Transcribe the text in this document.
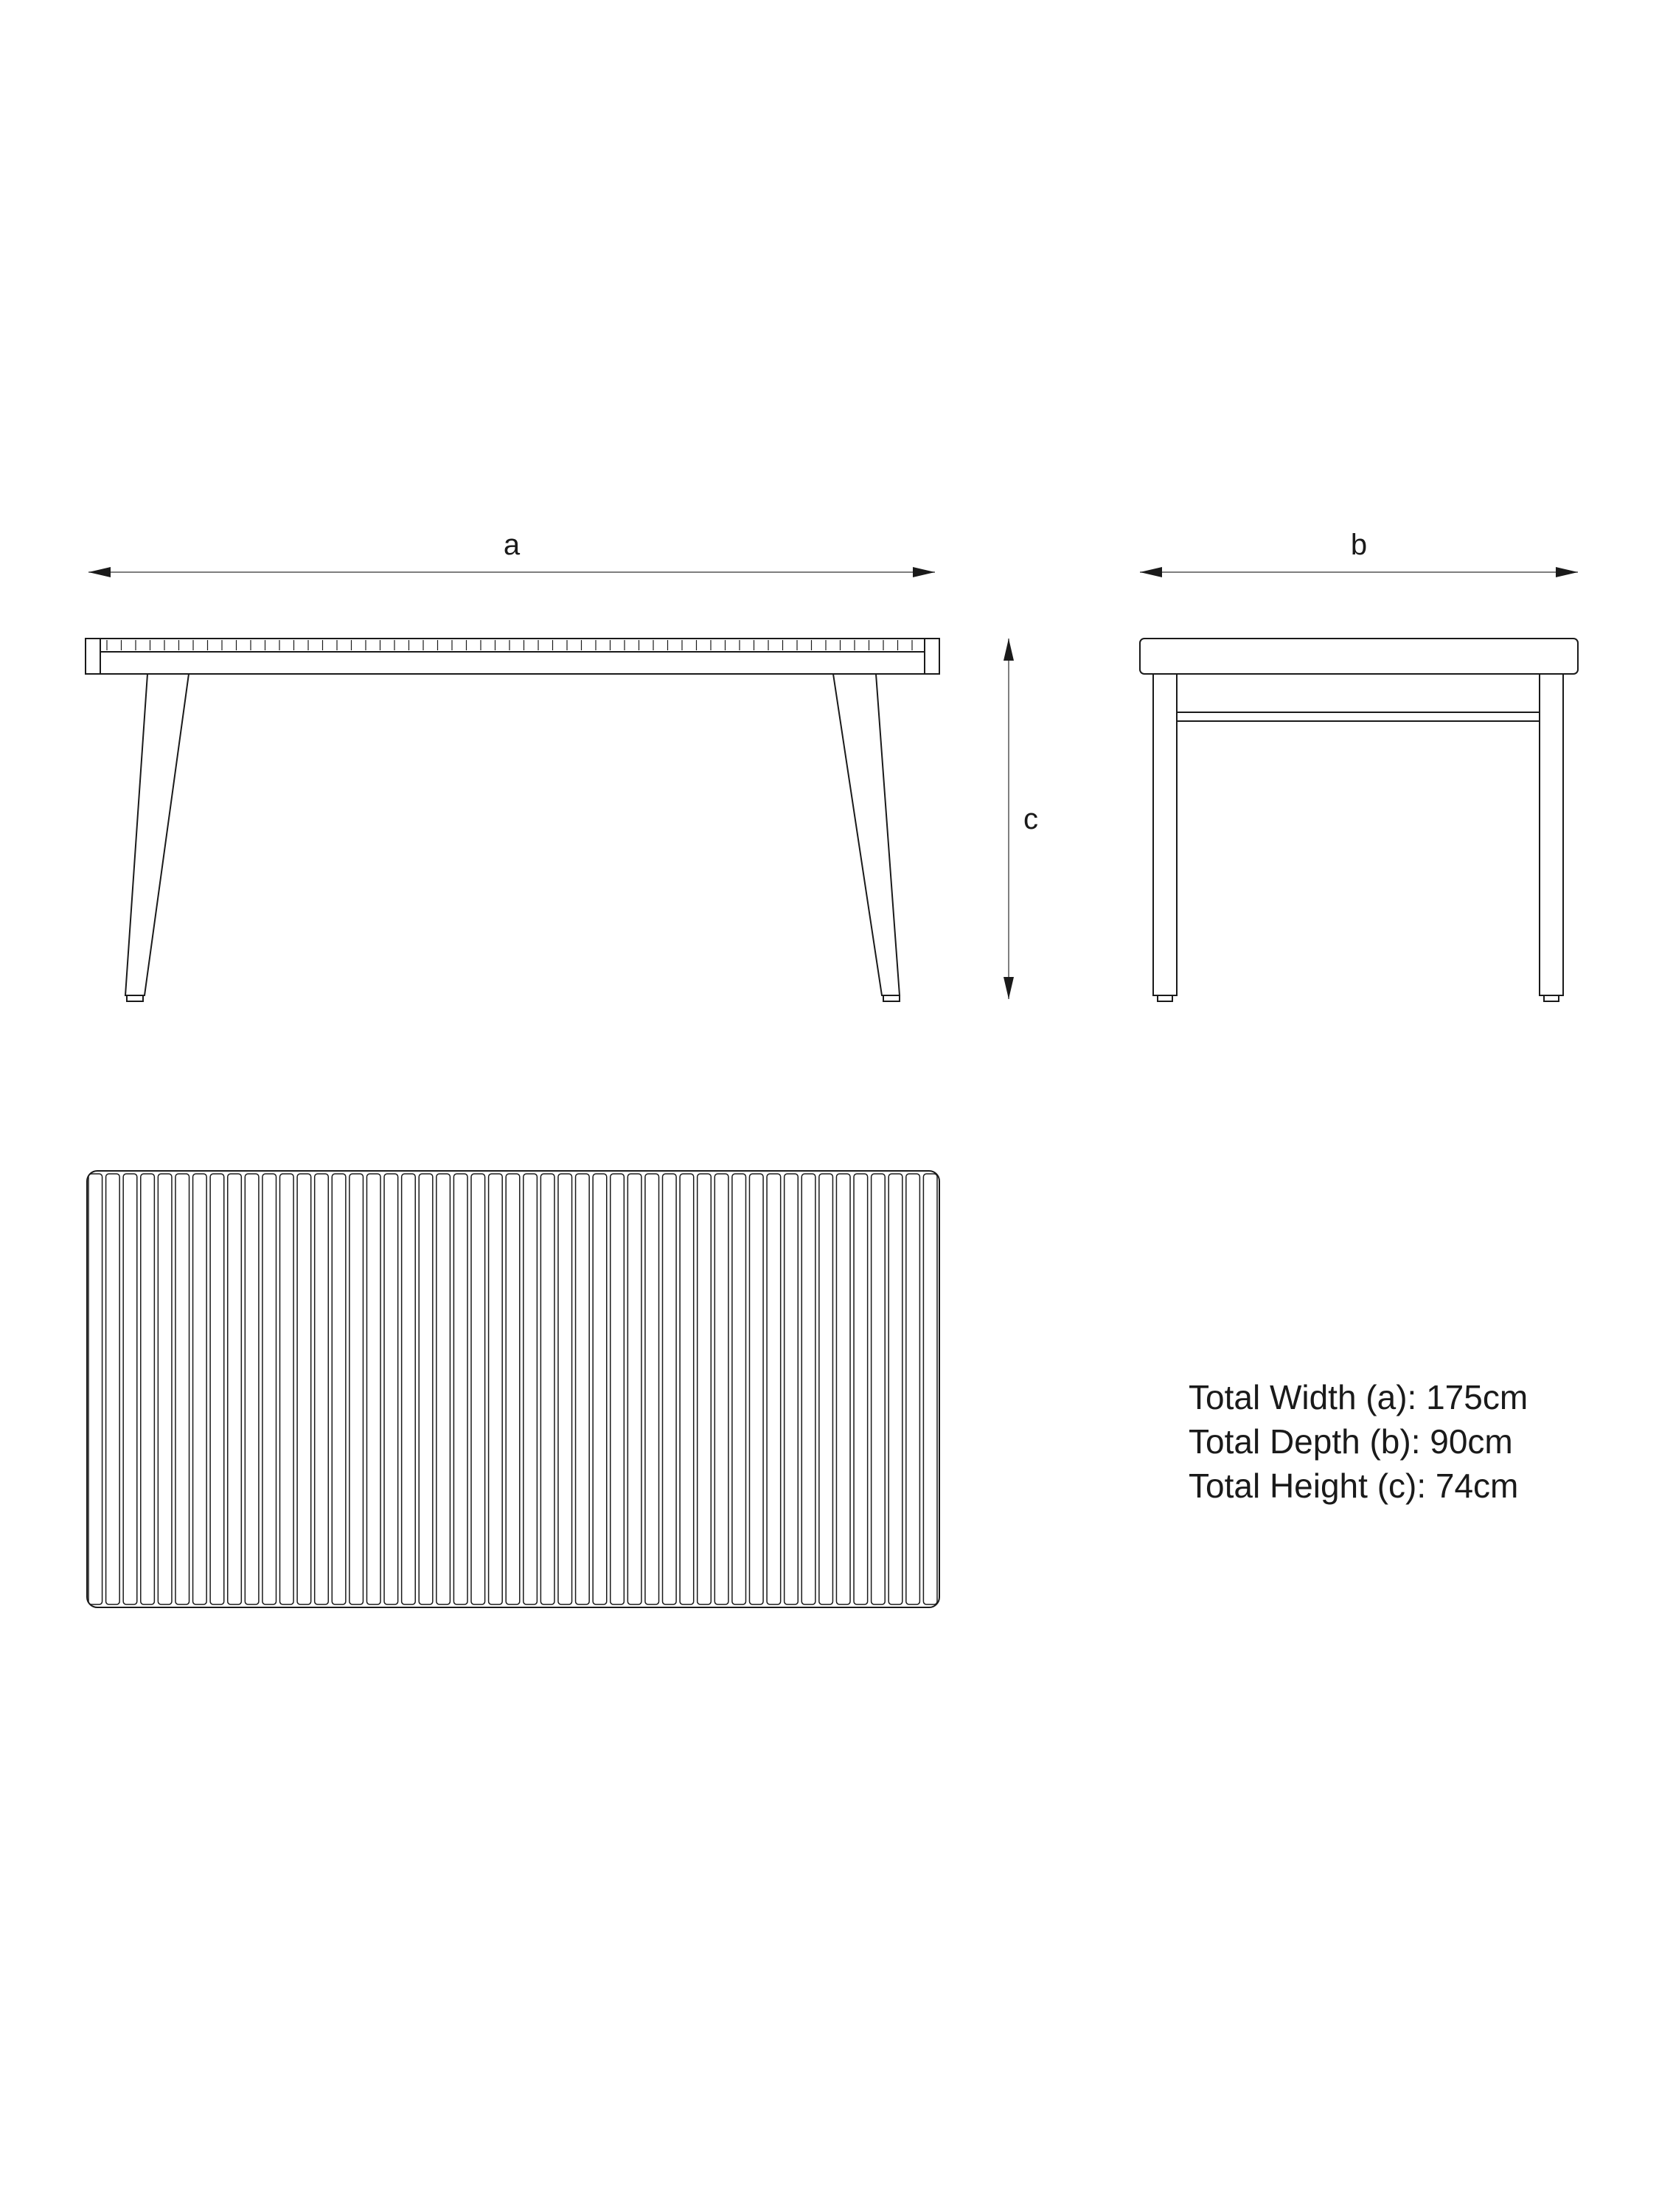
a
c
b
Total Width (a): 175cm
Total Depth (b): 90cm
Total Height (c): 74cm
